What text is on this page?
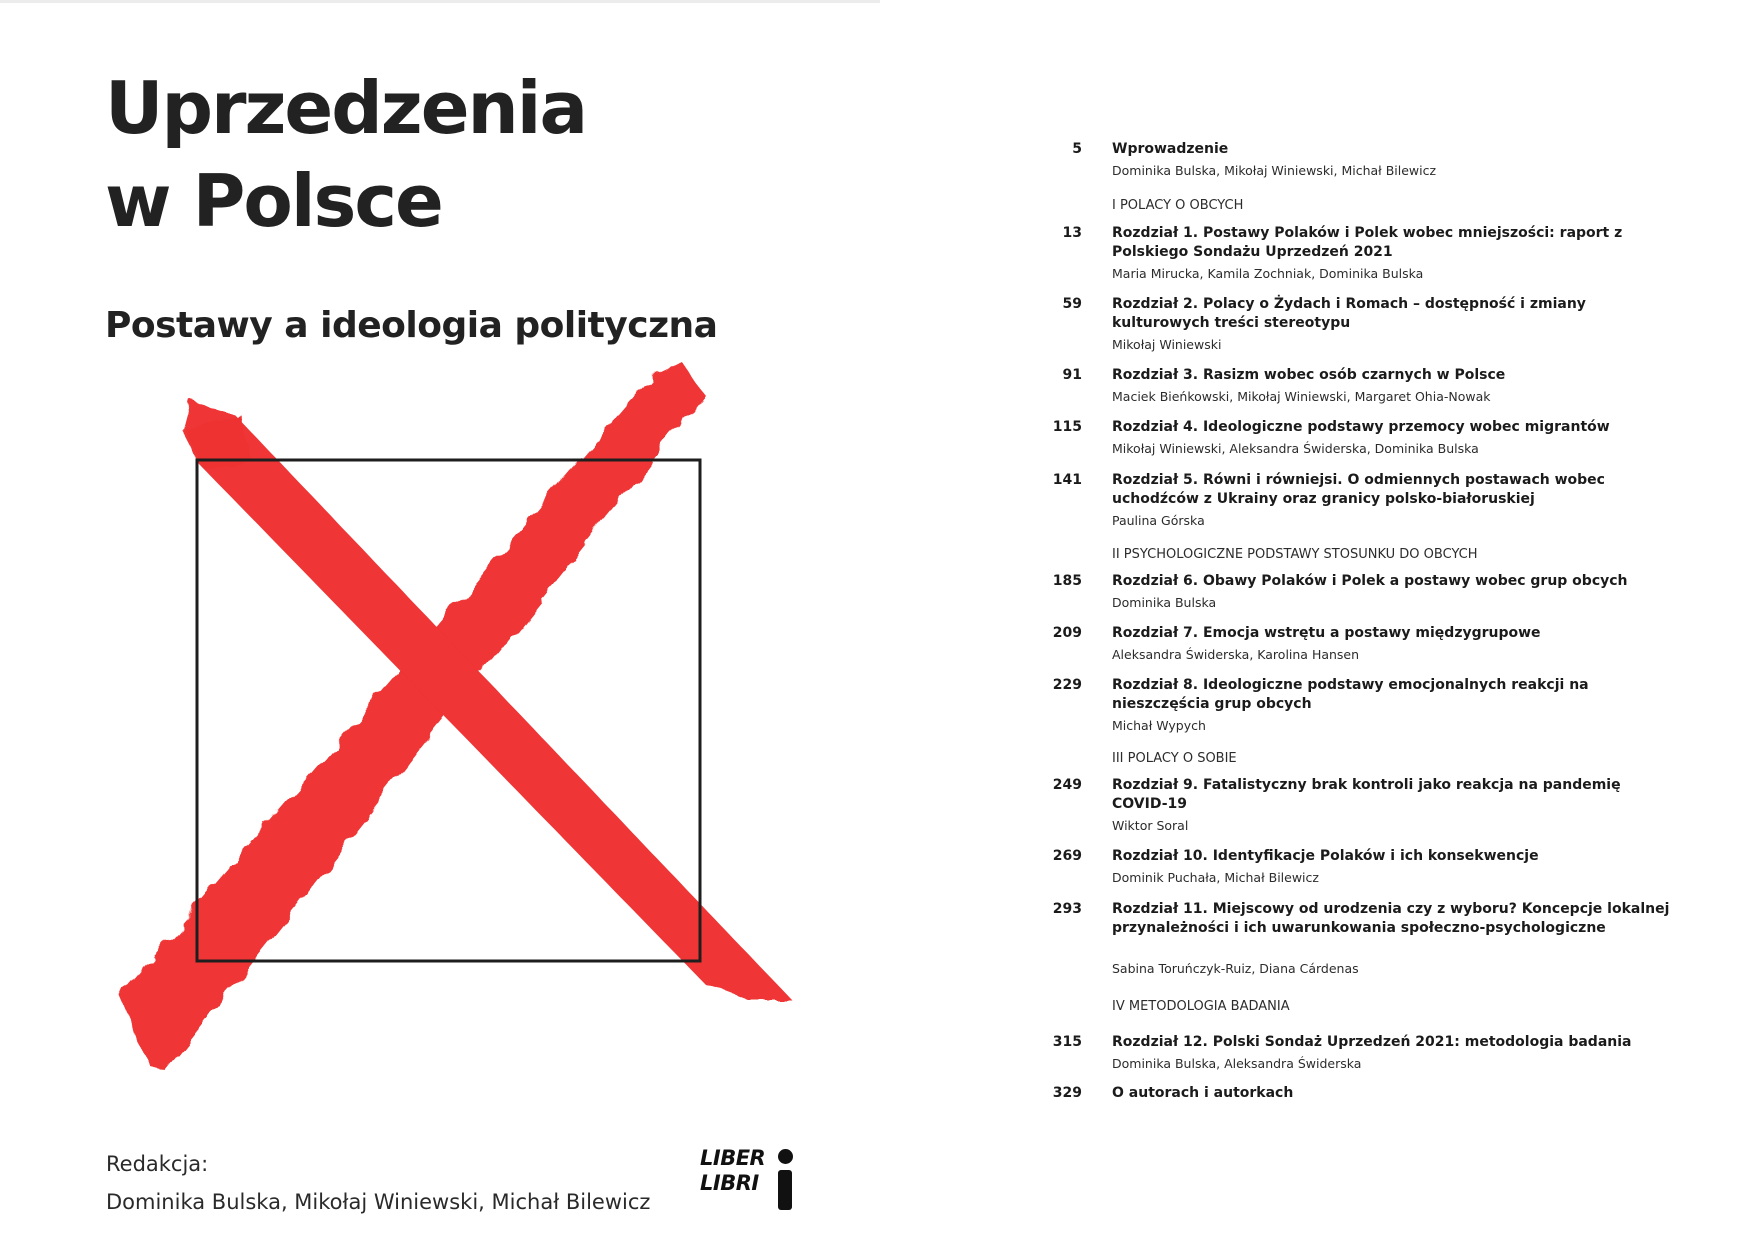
Uprzedzenia
w Polsce
Postawy a ideologia polityczna
Redakcja:
Dominika Bulska, Mikołaj Winiewski, Michał Bilewicz
LIBER
LIBRI
5 Wprowadzenie
Dominika Bulska, Mikołaj Winiewski, Michał Bilewicz
I POLACY O OBCYCH
13 Rozdział 1. Postawy Polaków i Polek wobec mniejszości: raport z Polskiego Sondażu Uprzedzeń 2021
Maria Mirucka, Kamila Zochniak, Dominika Bulska
59 Rozdział 2. Polacy o Żydach i Romach – dostępność i zmiany kulturowych treści stereotypu
Mikołaj Winiewski
91 Rozdział 3. Rasizm wobec osób czarnych w Polsce
Maciek Bieńkowski, Mikołaj Winiewski, Margaret Ohia-Nowak
115 Rozdział 4. Ideologiczne podstawy przemocy wobec migrantów
Mikołaj Winiewski, Aleksandra Świderska, Dominika Bulska
141 Rozdział 5. Równi i równiejsi. O odmiennych postawach wobec uchodźców z Ukrainy oraz granicy polsko-białoruskiej
Paulina Górska
II PSYCHOLOGICZNE PODSTAWY STOSUNKU DO OBCYCH
185 Rozdział 6. Obawy Polaków i Polek a postawy wobec grup obcych
Dominika Bulska
209 Rozdział 7. Emocja wstrętu a postawy międzygrupowe
Aleksandra Świderska, Karolina Hansen
229 Rozdział 8. Ideologiczne podstawy emocjonalnych reakcji na nieszczęścia grup obcych
Michał Wypych
III POLACY O SOBIE
249 Rozdział 9. Fatalistyczny brak kontroli jako reakcja na pandemię COVID-19
Wiktor Soral
269 Rozdział 10. Identyfikacje Polaków i ich konsekwencje
Dominik Puchała, Michał Bilewicz
293 Rozdział 11. Miejscowy od urodzenia czy z wyboru? Koncepcje lokalnej przynależności i ich uwarunkowania społeczno-psychologiczne
Sabina Toruńczyk-Ruiz, Diana Cárdenas
IV METODOLOGIA BADANIA
315 Rozdział 12. Polski Sondaż Uprzedzeń 2021: metodologia badania
Dominika Bulska, Aleksandra Świderska
329 O autorach i autorkach
